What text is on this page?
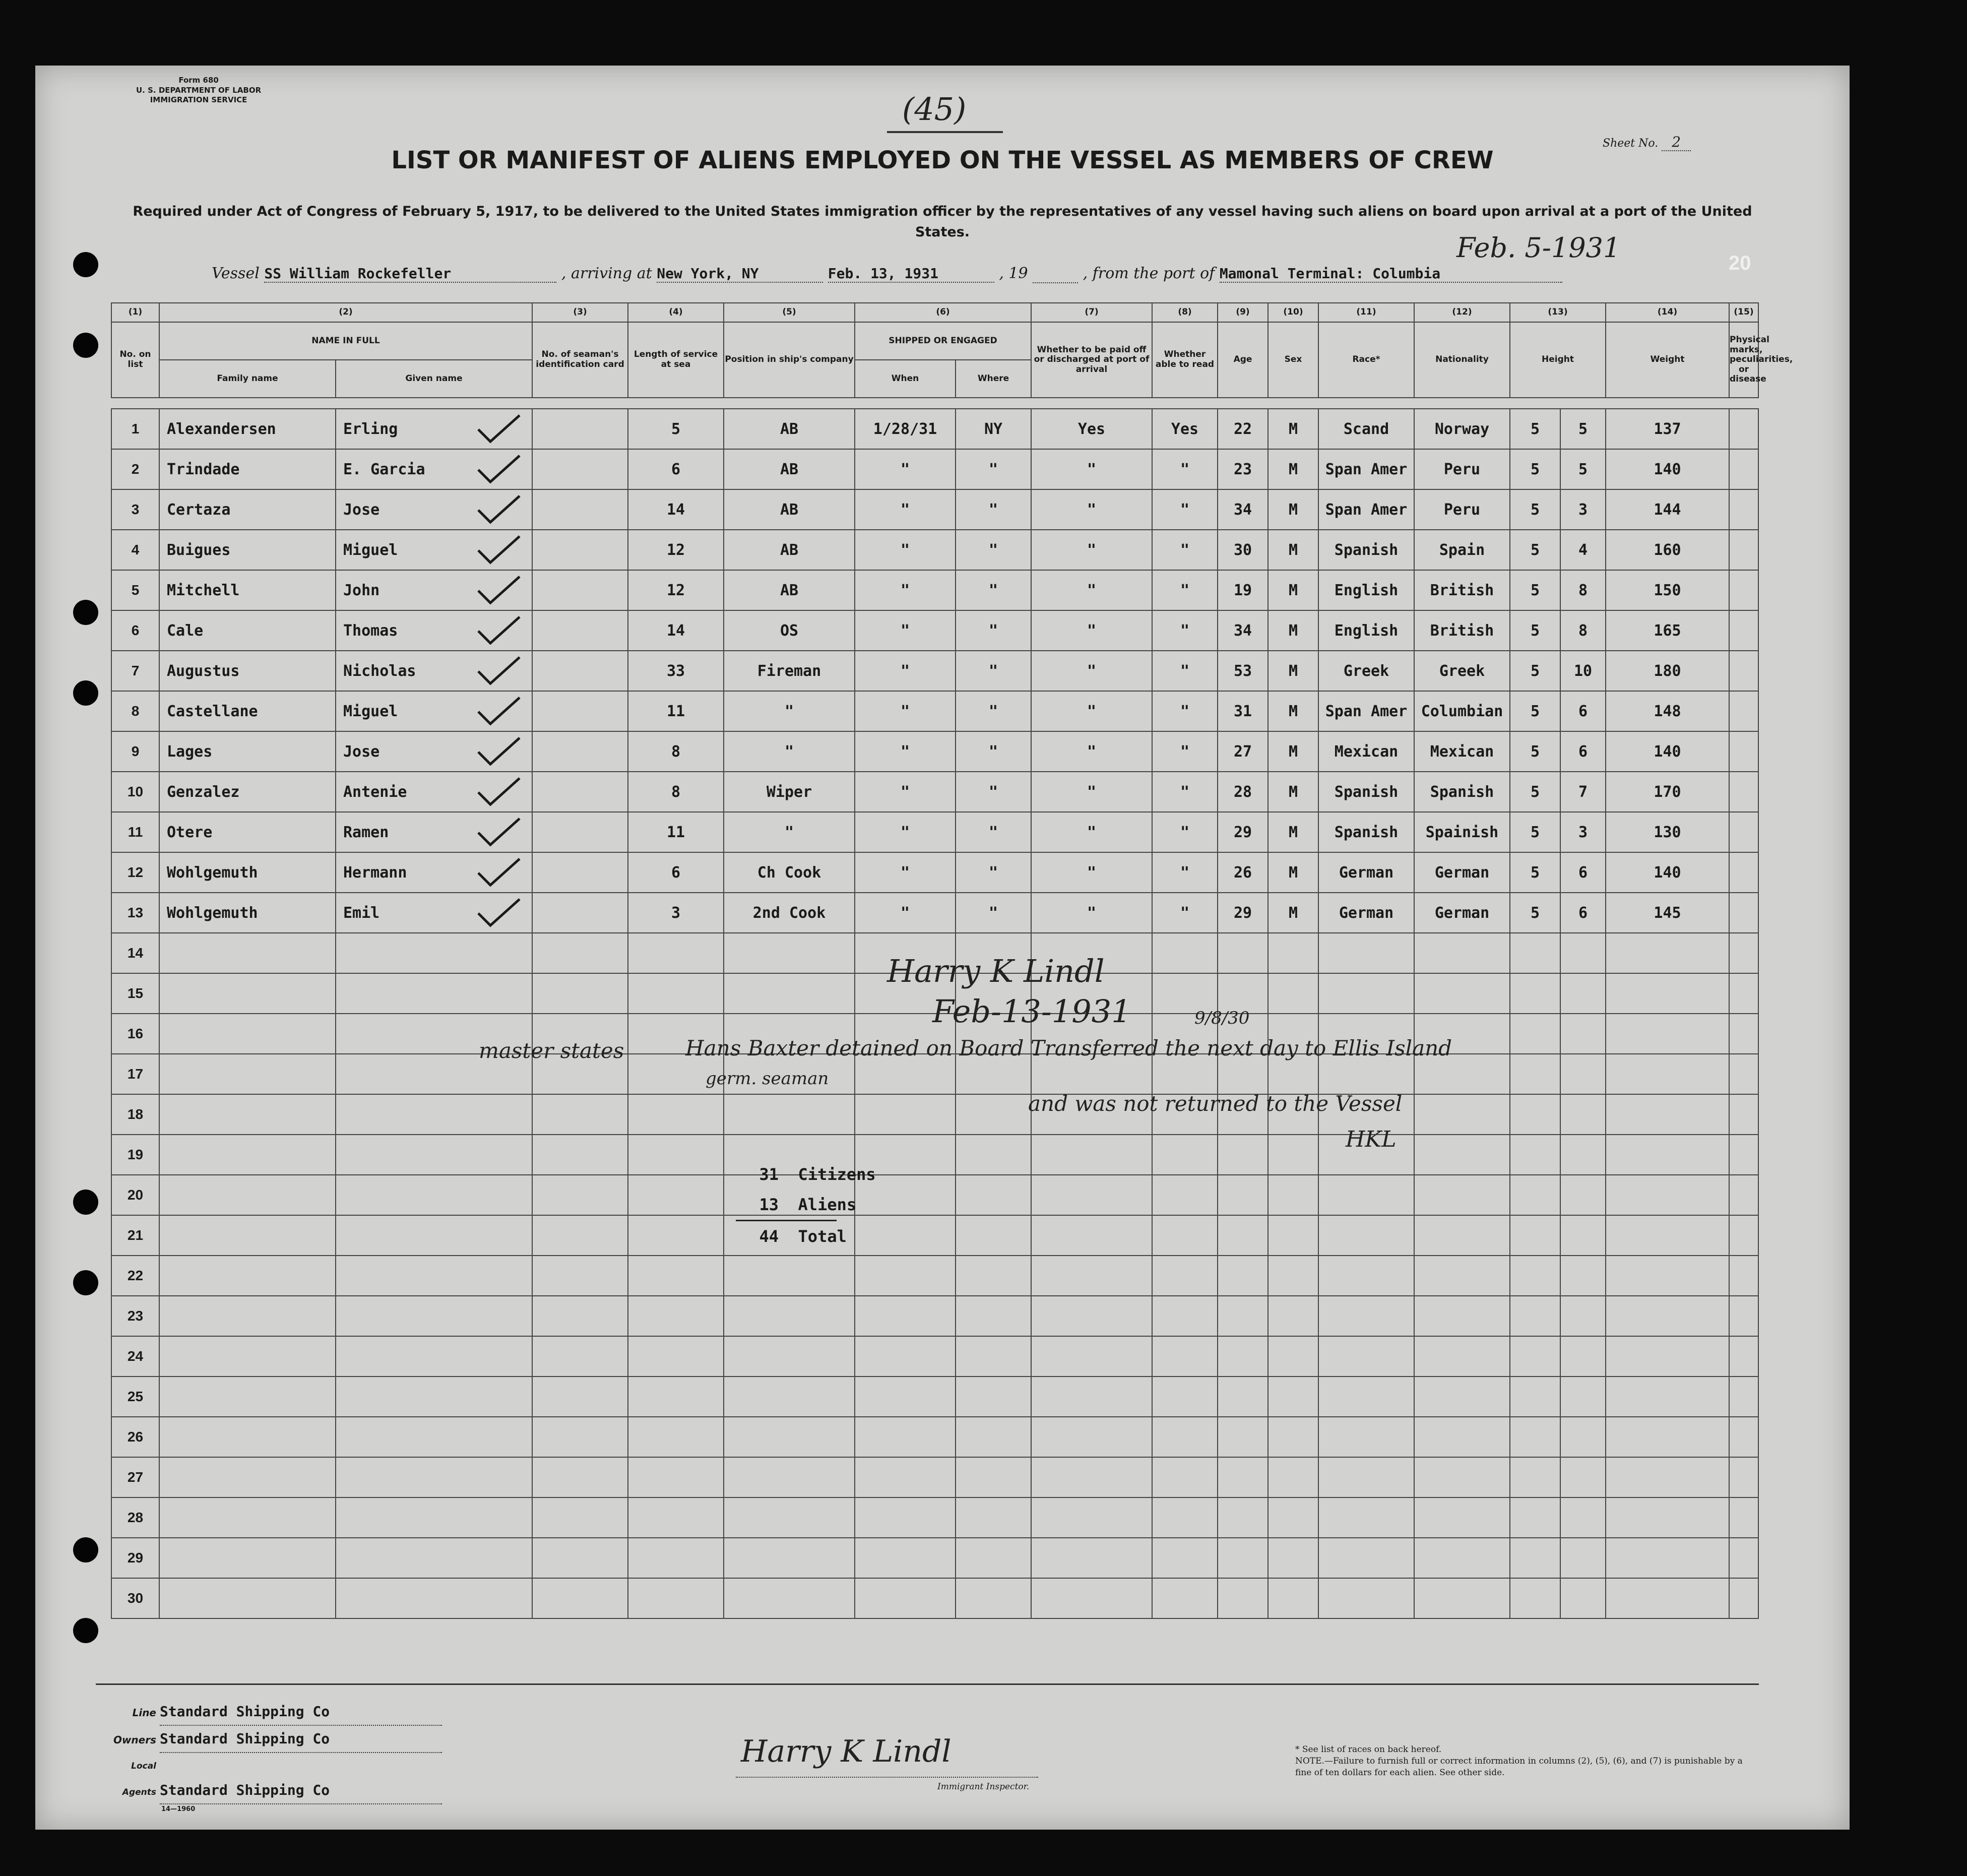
Form 680
U. S. DEPARTMENT OF LABOR
IMMIGRATION SERVICE	(45)
Sheet No. 2
LIST OR MANIFEST OF ALIENS EMPLOYED ON THE VESSEL AS MEMBERS OF CREW
Required under Act of Congress of February 5, 1917, to be delivered to the United States immigration officer by the representatives of any vessel having such aliens on board upon arrival at a port of the United States.	Feb. 5-1931	20
Vessel SS William Rockefeller	, arriving at New York, NY	Feb. 13, 1931	, 19	, from the port of Mamonal Terminal: Columbia
(1)	(2)		(3)	(4)	(5)	(6)		(7)	(8)	(9)	(10)	(11)	(12)	(13)		(14)	(15)
No. on list	NAME IN FULL		No. of seaman's identification card	Length of service at sea	Position in ship's company	SHIPPED OR ENGAGED		Whether to be paid off or discharged at port of arrival	Whether able to read	Age	Sex	Race*	Nationality	Height		Weight	Physical marks, peculiarities, or disease
	Family name	Given name				When	Where										

1	Alexandersen	Erling		5	AB	1/28/31	NY	Yes	Yes	22	M	Scand	Norway	5	5	137	
2	Trindade	E. Garcia		6	AB	"	"	"	"	23	M	Span Amer	Peru	5	5	140	
3	Certaza	Jose		14	AB	"	"	"	"	34	M	Span Amer	Peru	5	3	144	
4	Buigues	Miguel		12	AB	"	"	"	"	30	M	Spanish	Spain	5	4	160	
5	Mitchell	John		12	AB	"	"	"	"	19	M	English	British	5	8	150	
6	Cale	Thomas		14	OS	"	"	"	"	34	M	English	British	5	8	165	
7	Augustus	Nicholas		33	Fireman	"	"	"	"	53	M	Greek	Greek	5	10	180	
8	Castellane	Miguel		11	"	"	"	"	"	31	M	Span Amer	Columbian	5	6	148	
9	Lages	Jose		8	"	"	"	"	"	27	M	Mexican	Mexican	5	6	140	
10	Genzalez	Antenie		8	Wiper	"	"	"	"	28	M	Spanish	Spanish	5	7	170	
11	Otere	Ramen		11	"	"	"	"	"	29	M	Spanish	Spainish	5	3	130	
12	Wohlgemuth	Hermann		6	Ch Cook	"	"	"	"	26	M	German	German	5	6	140	
13	Wohlgemuth	Emil		3	2nd Cook	"	"	"	"	29	M	German	German	5	6	145	
14																	
15																	
16																	
17																	
18																	
19																	
20																	
21																	
22																	
23																	
24																	
25																	
26																	
27																	
28																	
29																	
30																	
Harry K Lindl
Feb-13-1931	9/8/30
master states	Hans Baxter detained on Board Transferred the next day to Ellis Island
germ. seaman
and was not returned to the Vessel
HKL
31 Citizens
13 Aliens
44 Total
Line Standard Shipping Co
Owners Standard Shipping Co
Local Agents Standard Shipping Co
14—1960
Harry K Lindl
Immigrant Inspector.
* See list of races on back hereof.
NOTE.—Failure to furnish full or correct information in columns (2), (5), (6), and (7) is punishable by a fine of ten dollars for each alien. See other side.
